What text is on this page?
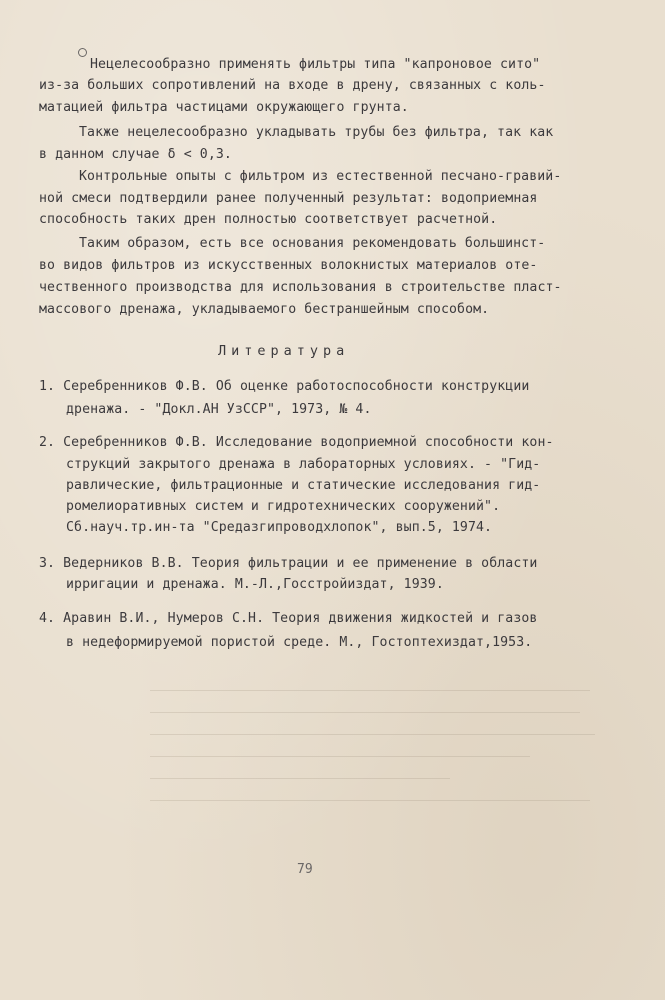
Нецелесообразно применять фильтры типа "капроновое сито"
из-за больших сопротивлений на входе в дрену, связанных с коль-
матацией фильтра частицами окружающего грунта.
Также нецелесообразно укладывать трубы без фильтра, так как
в данном случае δ < 0,3.
Контрольные опыты с фильтром из естественной песчано-гравий-
ной смеси подтвердили ранее полученный результат: водоприемная
способность таких дрен полностью соответствует расчетной.
Таким образом, есть все основания рекомендовать большинст-
во видов фильтров из искусственных волокнистых материалов оте-
чественного производства для использования в строительстве пласт-
массового дренажа, укладываемого бестраншейным способом.
Литература
1. Серебренников Ф.В. Об оценке работоспособности конструкции
дренажа. - "Докл.АН УзССР", 1973, № 4.
2. Серебренников Ф.В. Исследование водоприемной способности кон-
струкций закрытого дренажа в лабораторных условиях. - "Гид-
равлические, фильтрационные и статические исследования гид-
ромелиоративных систем и гидротехнических сооружений".
Сб.науч.тр.ин-та "Средазгипроводхлопок", вып.5, 1974.
3. Ведерников В.В. Теория фильтрации и ее применение в области
ирригации и дренажа. М.-Л.,Госстройиздат, 1939.
4. Аравин В.И., Нумеров С.Н. Теория движения жидкостей и газов
в недеформируемой пористой среде. М., Гостоптехиздат,1953.
79
